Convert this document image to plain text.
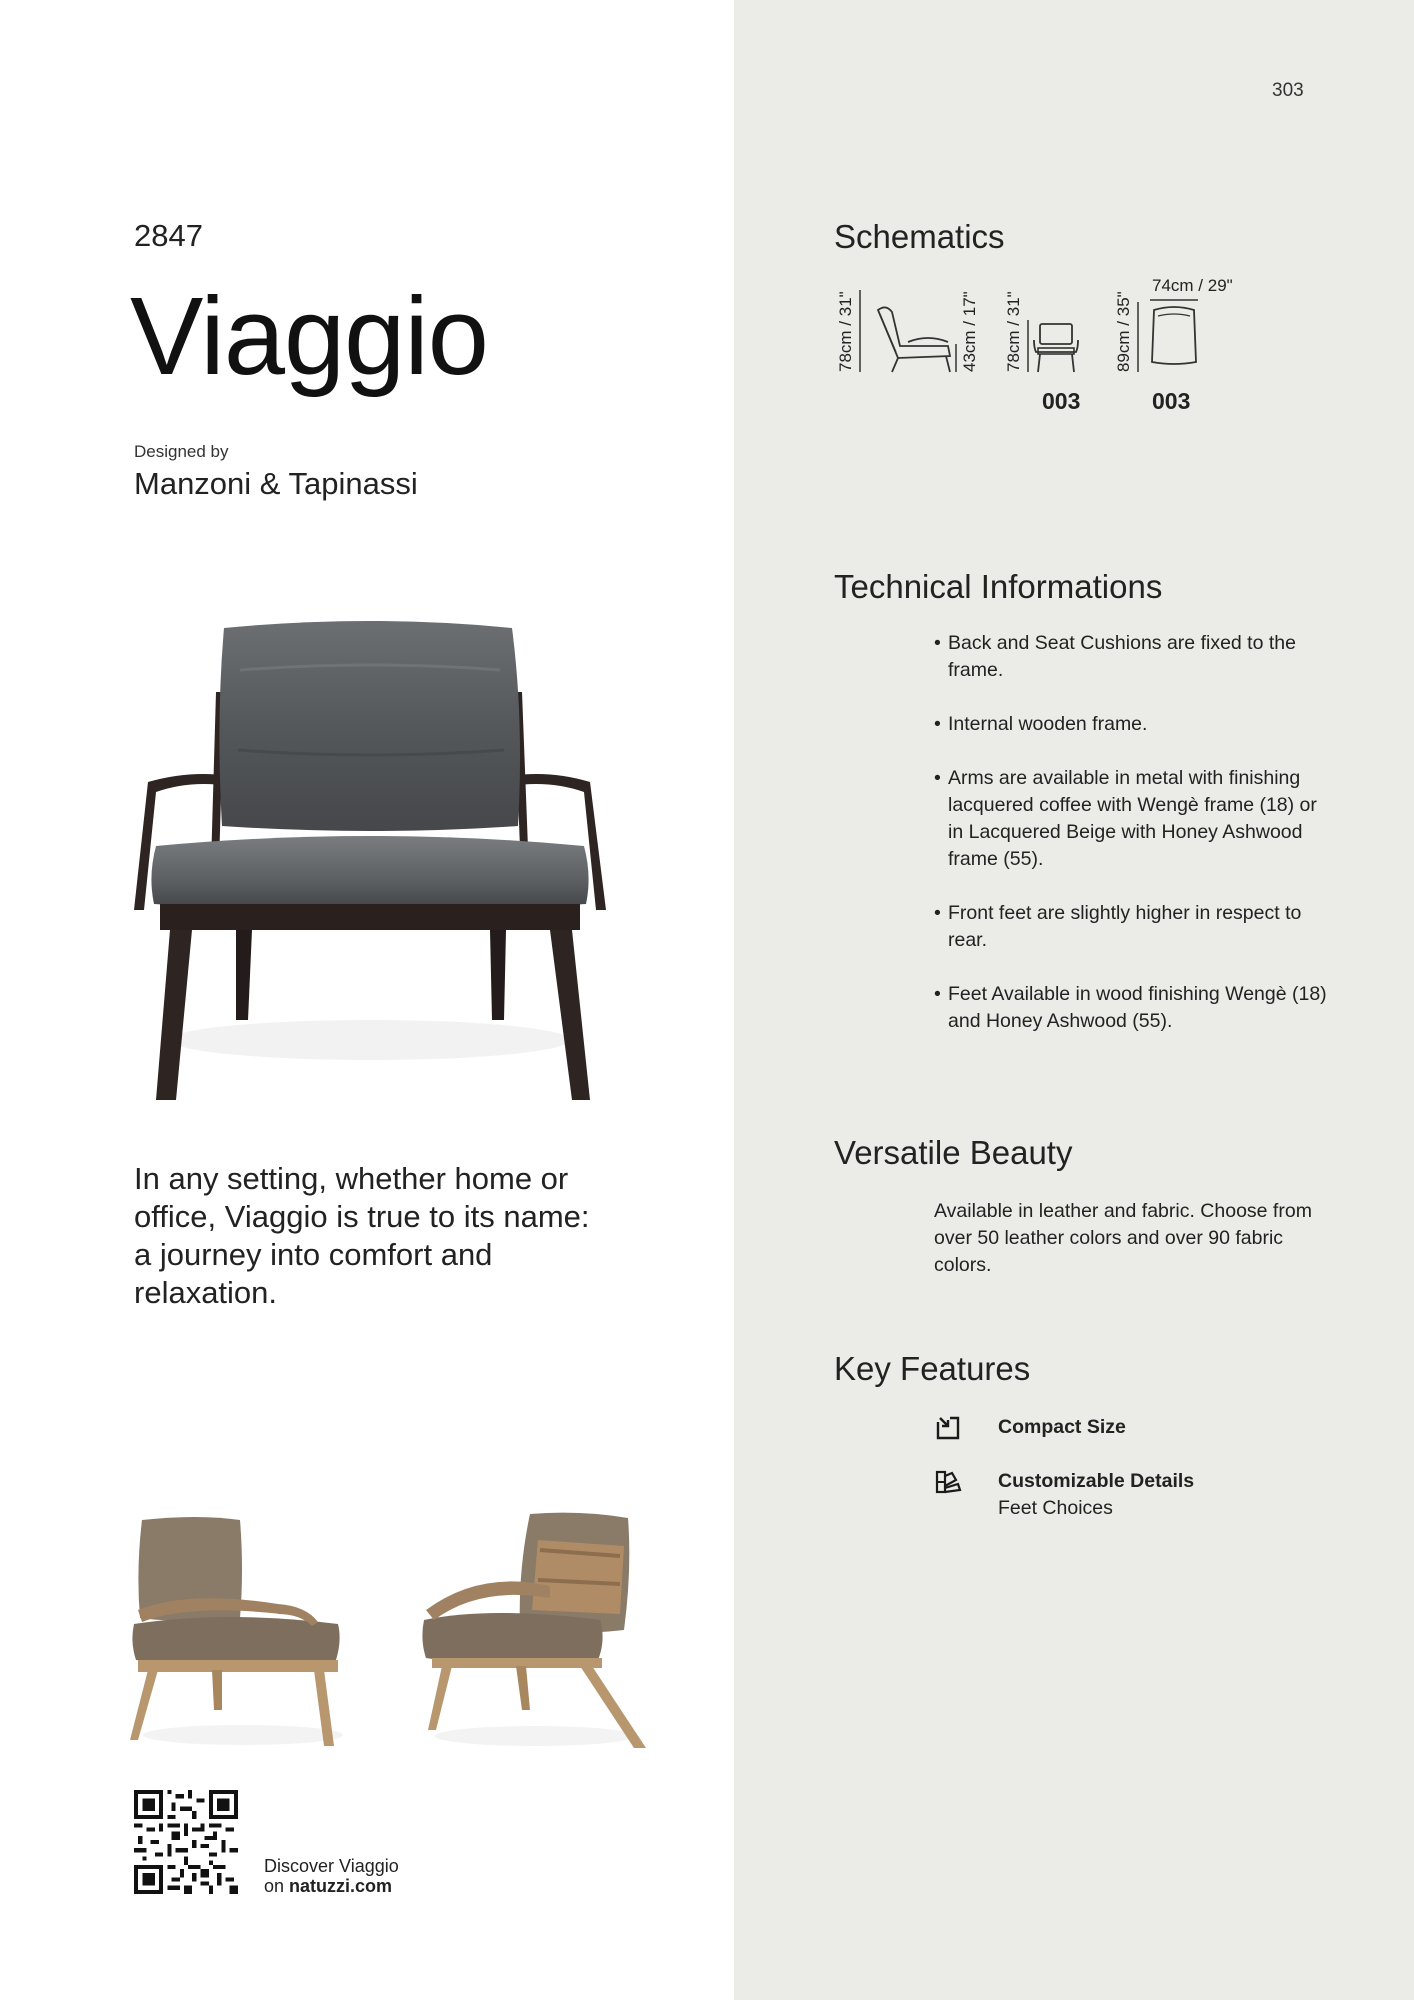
303
2847
Viaggio
Designed by
Manzoni & Tapinassi
In any setting, whether home or office, Viaggio is true to its name: a journey into comfort and relaxation.
Discover Viaggio
on natuzzi.com
Schematics
78cm / 31"	43cm / 17" 78cm / 31"
003
89cm / 35"
74cm / 29"
003
Technical Informations
• Back and Seat Cushions are fixed to the frame.
• Internal wooden frame.
• Arms are available in metal with finishing lacquered coffee with Wengè frame (18) or in Lacquered Beige with Honey Ashwood frame (55).
• Front feet are slightly higher in respect to rear.
• Feet Available in wood finishing Wengè (18) and Honey Ashwood (55).
Versatile Beauty
Available in leather and fabric. Choose from over 50 leather colors and over 90 fabric colors.
Key Features
Compact Size
Customizable Details
Feet Choices
